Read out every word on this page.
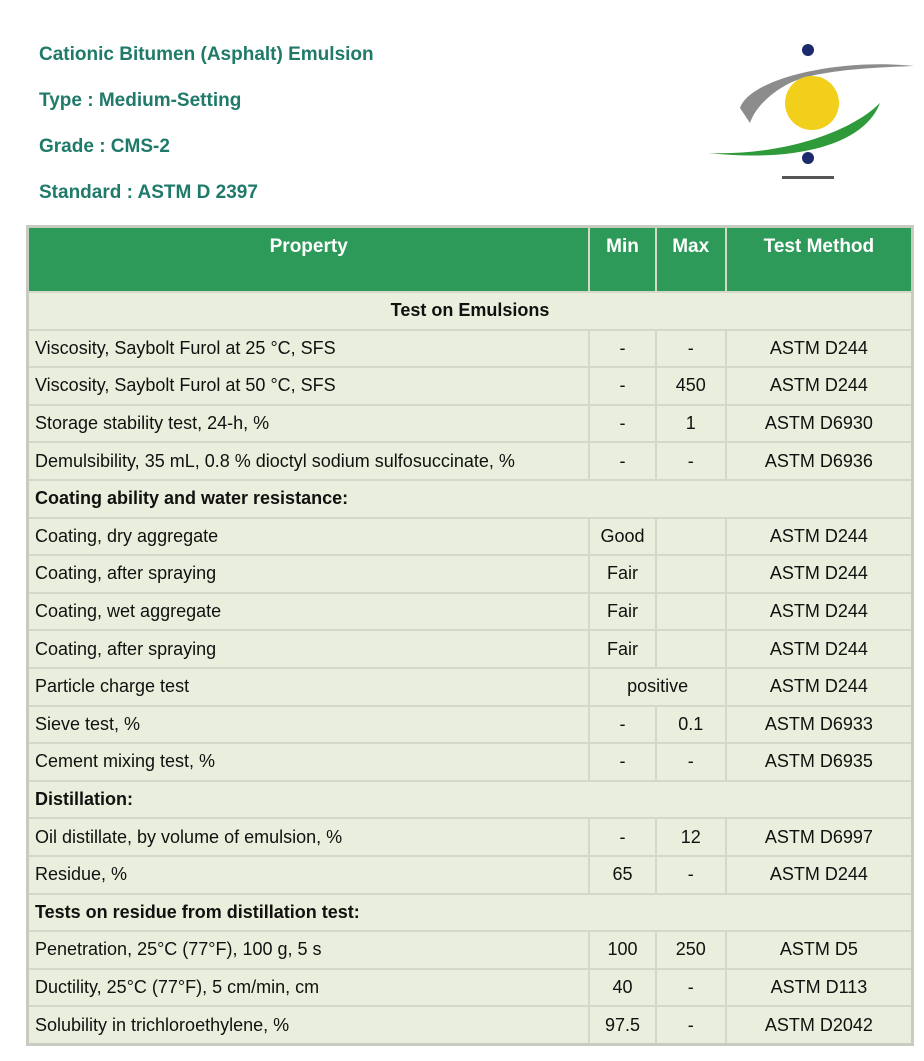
Cationic Bitumen (Asphalt) Emulsion
Type : Medium-Setting
Grade : CMS-2
Standard : ASTM D 2397
Property	Min	Max	Test Method
Test on Emulsions			
Viscosity, Saybolt Furol at 25 °C, SFS	-	-	ASTM D244
Viscosity, Saybolt Furol at 50 °C, SFS	-	450	ASTM D244
Storage stability test, 24-h, %	-	1	ASTM D6930
Demulsibility, 35 mL, 0.8 % dioctyl sodium sulfosuccinate, %	-	-	ASTM D6936
Coating ability and water resistance:			
Coating, dry aggregate	Good		ASTM D244
Coating, after spraying	Fair		ASTM D244
Coating, wet aggregate	Fair		ASTM D244
Coating, after spraying	Fair		ASTM D244
Particle charge test	positive		ASTM D244
Sieve test, %	-	0.1	ASTM D6933
Cement mixing test, %	-	-	ASTM D6935
Distillation:			
Oil distillate, by volume of emulsion, %	-	12	ASTM D6997
Residue, %	65	-	ASTM D244
Tests on residue from distillation test:			
Penetration, 25°C (77°F), 100 g, 5 s	100	250	ASTM D5
Ductility, 25°C (77°F), 5 cm/min, cm	40	-	ASTM D113
Solubility in trichloroethylene, %	97.5	-	ASTM D2042
